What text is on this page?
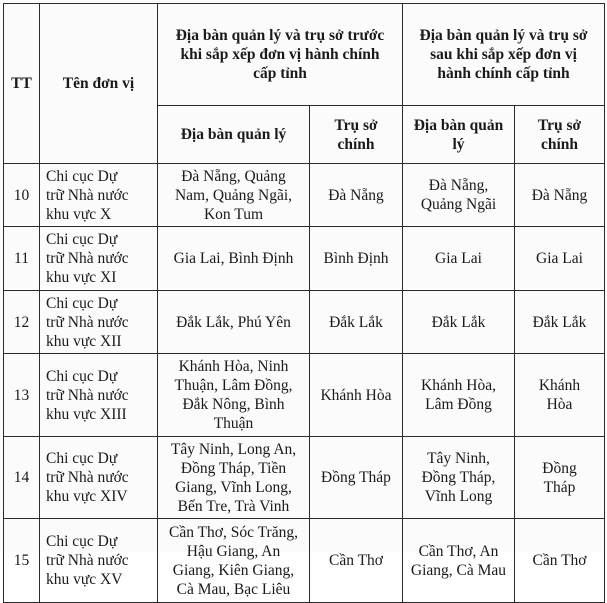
TT	Tên đơn vị	Địa bàn quản lý và trụ sở trước
khi sắp xếp đơn vị hành chính
cấp tỉnh		Địa bàn quản lý và trụ sở
sau khi sắp xếp đơn vị
hành chính cấp tỉnh	
		Địa bàn quản lý	Trụ sở
chính	Địa bàn quản
lý	Trụ sở
chính
10	Chi cục Dự
trữ Nhà nước
khu vực X	Đà Nẵng, Quảng
Nam, Quảng Ngãi,
Kon Tum	Đà Nẵng	Đà Nẵng,
Quảng Ngãi	Đà Nẵng
11	Chi cục Dự
trữ Nhà nước
khu vực XI	Gia Lai, Bình Định	Bình Định	Gia Lai	Gia Lai
12	Chi cục Dự
trữ Nhà nước
khu vực XII	Đắk Lắk, Phú Yên	Đắk Lắk	Đắk Lắk	Đắk Lắk
13	Chi cục Dự
trữ Nhà nước
khu vực XIII	Khánh Hòa, Ninh
Thuận, Lâm Đồng,
Đắk Nông, Bình
Thuận	Khánh Hòa	Khánh Hòa,
Lâm Đồng	Khánh
Hòa
14	Chi cục Dự
trữ Nhà nước
khu vực XIV	Tây Ninh, Long An,
Đồng Tháp, Tiền
Giang, Vĩnh Long,
Bến Tre, Trà Vinh	Đồng Tháp	Tây Ninh,
Đồng Tháp,
Vĩnh Long	Đồng
Tháp
15	Chi cục Dự
trữ Nhà nước
khu vực XV	Cần Thơ, Sóc Trăng,
Hậu Giang, An
Giang, Kiên Giang,
Cà Mau, Bạc Liêu	Cần Thơ	Cần Thơ, An
Giang, Cà Mau	Cần Thơ
